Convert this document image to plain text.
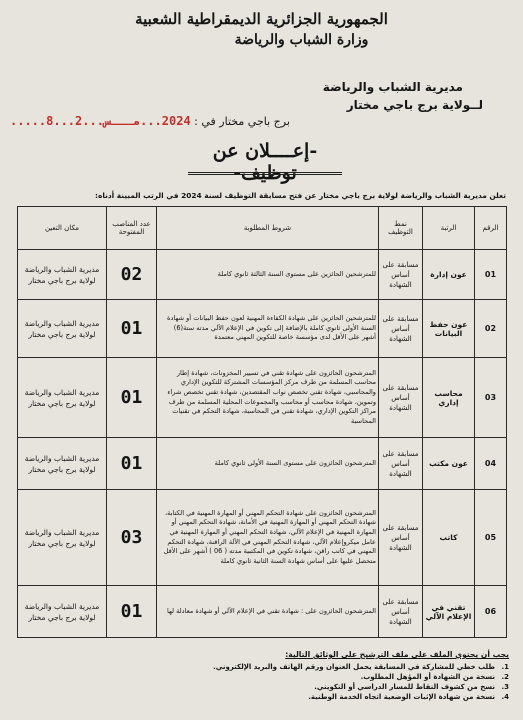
الجمهورية الجزائرية الديمقراطية الشعبية
وزارة الشباب والرياضة
مديرية الشباب والرياضة
لــولاية برج باجي مختار
برج باجي مختار في : 2024...مـــس...2...8.....
-إعــــلان عن توظيف-
تعلن مديرية الشباب والرياضة لولاية برج باجي مختار عن فتح مسابقة التوظيف لسنة 2024 في الرتب المبينة أدناه:
الرقم	الرتبة	نمط التوظيف	شروط المطلوبة	عدد المناصب المفتوحة	مكان التعين
01	عون إدارة	مسابقة على أساس الشهادة	للمترشحين الحائزين على مستوى السنة الثالثة ثانوي كاملة	02	مديرية الشباب والرياضة لولاية برج باجي مختار
02	عون حفظ البيانات	مسابقة على أساس الشهادة	للمترشحين الحائزين على شهادة الكفاءة المهنية لعون حفظ البيانات أو شهادة السنة الأولى ثانوي كاملة بالإضافة إلى تكوين في الإعلام الآلي مدته ستة(6) أشهر على الأقل لدى مؤسسة خاصة للتكوين المهني معتمدة	01	مديرية الشباب والرياضة لولاية برج باجي مختار
03	محاسب إداري	مسابقة على أساس الشهادة	المترشحون الحائزون على شهادة تقني في تسيير المخزونات، شهادة إطار محاسب المسلمة من طرف مركز المؤسسات المشتركة للتكوين الإداري والمحاسبي، شهادة تقني تخصص نواب المقتصدين، شهادة تقني تخصص شراء وتموين، شهادة محاسب أو محاسب والمجموعات المحلية المسلمة من طرف مراكز التكوين الإداري، شهادة تقني في المحاسبة، شهادة التحكم في تقنيات المحاسبة	01	مديرية الشباب والرياضة لولاية برج باجي مختار
04	عون مكتب	مسابقة على أساس الشهادة	المترشحون الحائزون على مستوى السنة الأولى ثانوي كاملة	01	مديرية الشباب والرياضة لولاية برج باجي مختار
05	كاتب	مسابقة على أساس الشهادة	المترشحون الحائزون على شهادة التحكم المهني أو المهارة المهنية في الكتابة، شهادة التحكم المهني أو المهارة المهنية في الأمانة، شهادة التحكم المهني أو المهارة المهنية في الإعلام الآلي، شهادة التحكم المهني أو المهارة المهنية في عامل ميكروإعلام الآلي، شهادة التحكم المهني في الآلة الراقنة، شهادة التحكم المهني في كاتب راقن، شهادة تكوين في المكتبية مدته ( 06 ) أشهر على الأقل متحصل عليها على أساس شهادة السنة الثانية ثانوي كاملة	03	مديرية الشباب والرياضة لولاية برج باجي مختار
06	تقني في الإعلام الآلي	مسابقة على أساس الشهادة	المترشحون الحائزون على : شهادة تقني في الإعلام الآلي أو شهادة معادلة لها	01	مديرية الشباب والرياضة لولاية برج باجي مختار
يجب أن يحتوي الملف على ملف الترشيح على الوثائق التالية:
1.طلب خطي للمشاركة في المسابقة يحمل العنوان ورقم الهاتف والبريد الإلكتروني.
2.نسخة من الشهادة أو المؤهل المطلوب.
3.نسخ من كشوف النقاط للمسار الدراسي أو التكويني.
4.نسخة من شهادة الإثبات الوضعية اتجاه الخدمة الوطنية.
